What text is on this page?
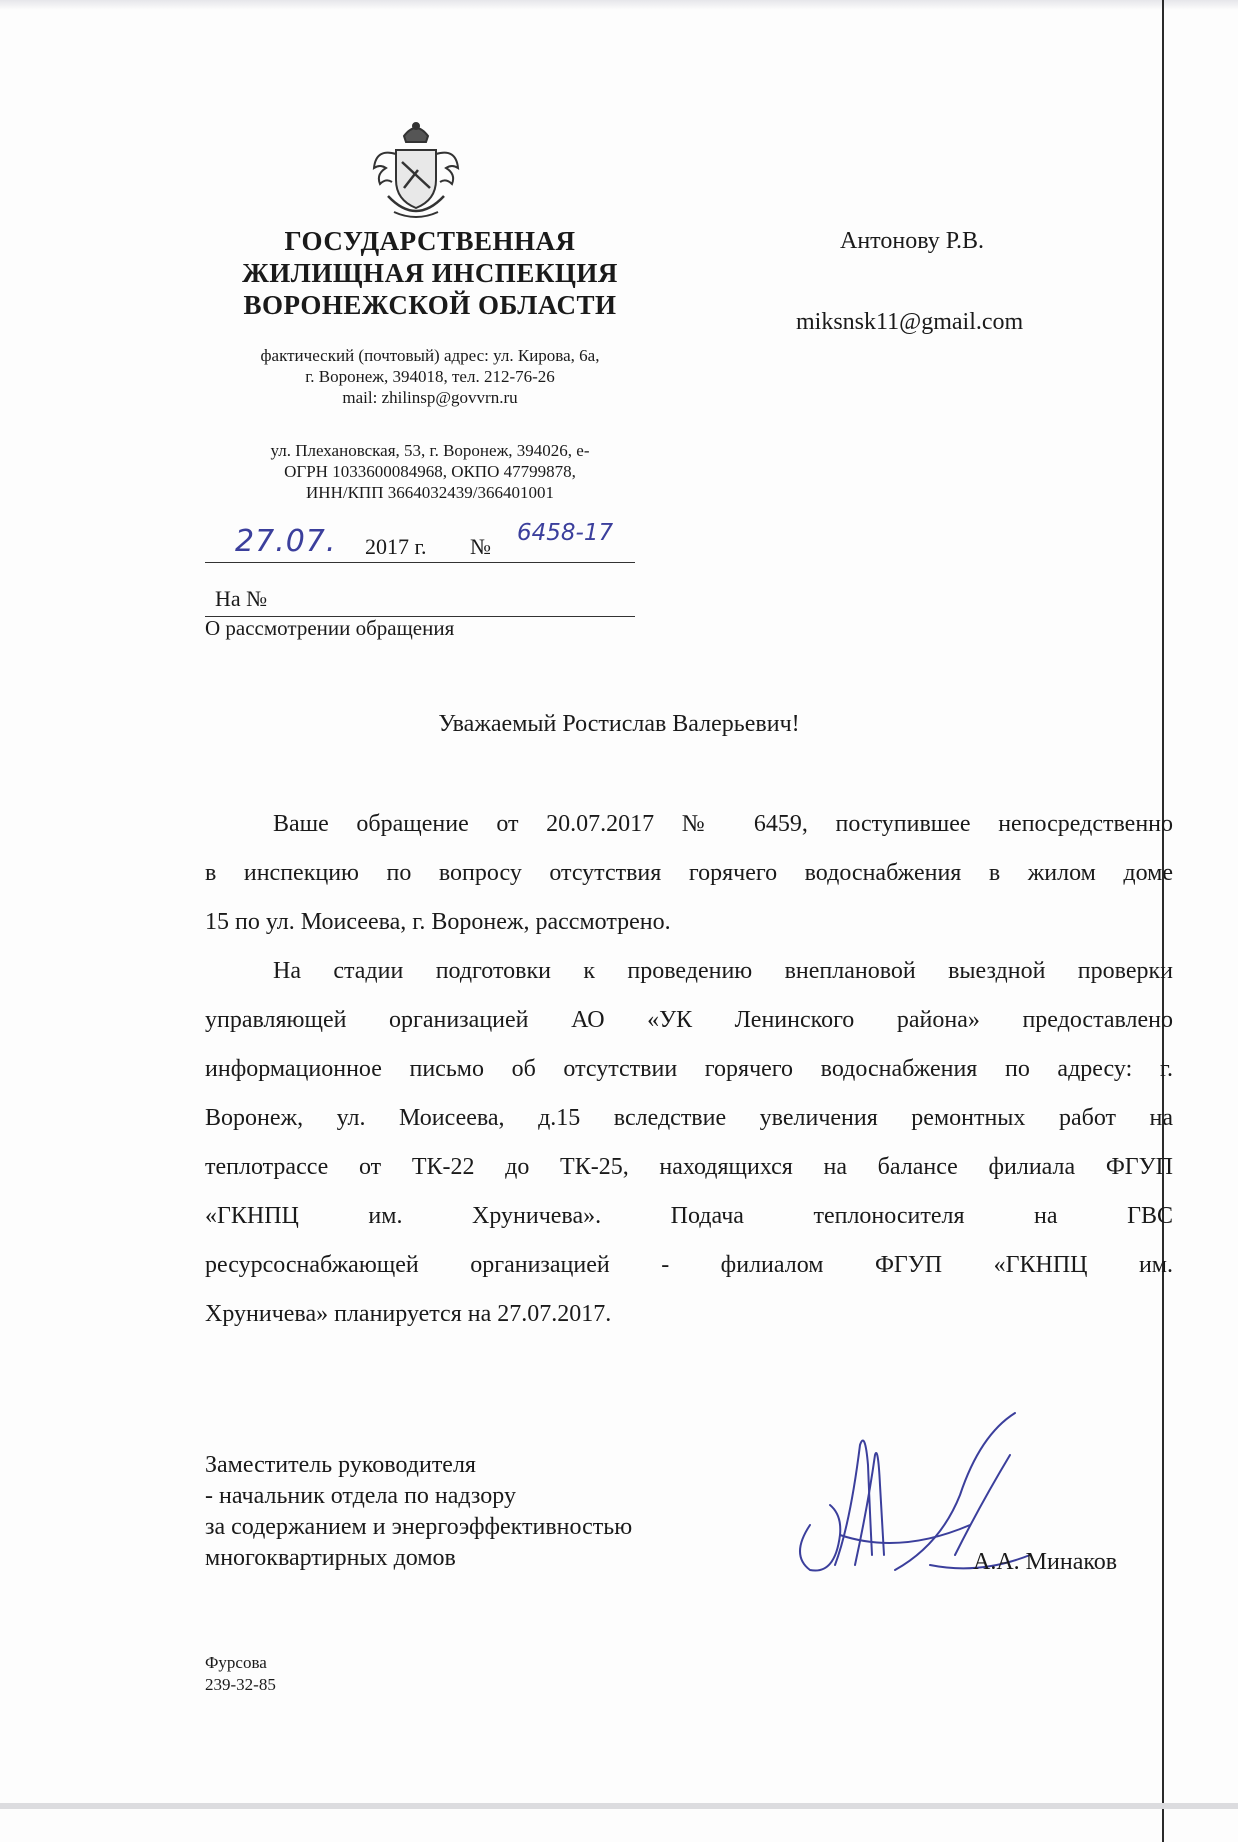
ГОСУДАРСТВЕННАЯ
ЖИЛИЩНАЯ ИНСПЕКЦИЯ
ВОРОНЕЖСКОЙ ОБЛАСТИ
фактический (почтовый) адрес: ул. Кирова, 6а,
г. Воронеж, 394018, тел. 212-76-26
mail: zhilinsp@govvrn.ru
ул. Плехановская, 53, г. Воронеж, 394026, е-
ОГРН 1033600084968, ОКПО 47799878,
ИНН/КПП 3664032439/366401001
Антонову Р.В.
miksnsk11@gmail.com
27.07. 2017 г. №
6458-17
На №
О рассмотрении обращения
Уважаемый Ростислав Валерьевич!
Ваше обращение от 20.07.2017 № 6459, поступившее непосредственно
в инспекцию по вопросу отсутствия горячего водоснабжения в жилом доме
15 по ул. Моисеева, г. Воронеж, рассмотрено.
На стадии подготовки к проведению внеплановой выездной проверки
управляющей организацией АО «УК Ленинского района» предоставлено
информационное письмо об отсутствии горячего водоснабжения по адресу: г.
Воронеж, ул. Моисеева, д.15 вследствие увеличения ремонтных работ на
теплотрассе от ТК-22 до ТК-25, находящихся на балансе филиала ФГУП
«ГКНПЦ им. Хруничева». Подача теплоносителя на ГВС
ресурсоснабжающей организацией - филиалом ФГУП «ГКНПЦ им.
Хруничева» планируется на 27.07.2017.
Заместитель руководителя
- начальник отдела по надзору
за содержанием и энергоэффективностью
многоквартирных домов	А.А. Минаков
Фурсова
239-32-85
